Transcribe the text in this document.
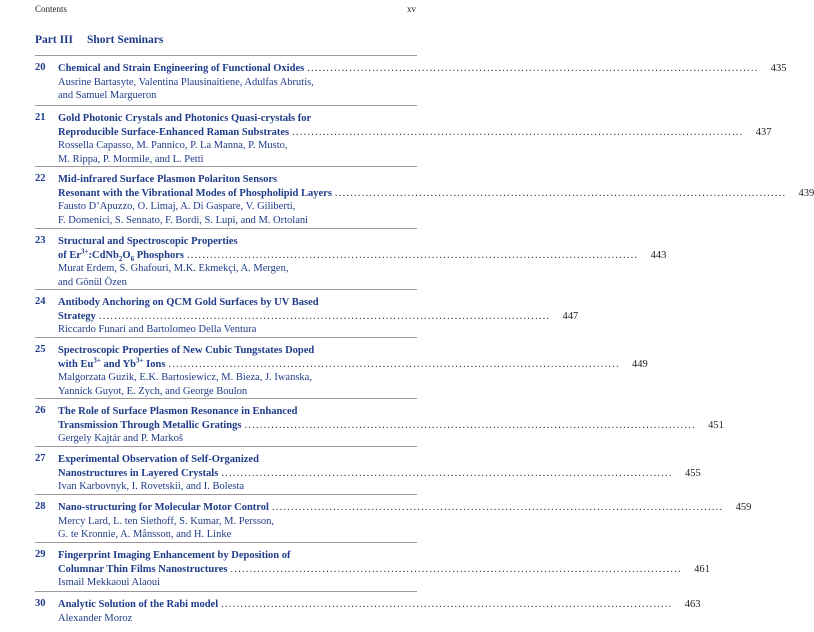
Contents	xv
Part III Short Seminars
20 Chemical and Strain Engineering of Functional Oxides ......................................................................................................................	435
Ausrine Bartasyte, Valentina Plausinaitiene, Adulfas Abrutis,
and Samuel Margueron
21 Gold Photonic Crystals and Photonics Quasi-crystals for
Reproducible Surface-Enhanced Raman Substrates ......................................................................................................................	437
Rossella Capasso, M. Pannico, P. La Manna, P. Musto,
M. Rippa, P. Mormile, and L. Petti
22 Mid-infrared Surface Plasmon Polariton Sensors
Resonant with the Vibrational Modes of Phospholipid Layers ......................................................................................................................	439
Fausto D’Apuzzo, O. Limaj, A. Di Gaspare, V. Giliberti,
F. Domenici, S. Sennato, F. Bordi, S. Lupi, and M. Ortolani
23 Structural and Spectroscopic Properties
of $Er^{3+}:CdNb_2O_6$ Phosphors ......................................................................................................................	443
Murat Erdem, S. Ghafouri, M.K. Ekmekçi, A. Mergen,
and Gönül Özen
24 Antibody Anchoring on QCM Gold Surfaces by UV Based
Strategy ......................................................................................................................	447
Riccardo Funari and Bartolomeo Della Ventura
25 Spectroscopic Properties of New Cubic Tungstates Doped
with $Eu^{3+}$ and $Yb^{3+}$ Ions ......................................................................................................................	449
Malgorzata Guzik, E.K. Bartosiewicz, M. Bieza, J. Iwanska,
Yannick Guyot, E. Zych, and George Boulon
26 The Role of Surface Plasmon Resonance in Enhanced
Transmission Through Metallic Gratings ......................................................................................................................	451
Gergely Kajtár and P. Markoš
27 Experimental Observation of Self-Organized
Nanostructures in Layered Crystals ......................................................................................................................	455
Ivan Karbovnyk, I. Rovetskii, and I. Bolesta
28 Nano-structuring for Molecular Motor Control ......................................................................................................................	459
Mercy Lard, L. ten Siethoff, S. Kumar, M. Persson,
G. te Kronnie, A. Månsson, and H. Linke
29 Fingerprint Imaging Enhancement by Deposition of
Columnar Thin Films Nanostructures ......................................................................................................................	461
Ismail Mekkaoui Alaoui
30 Analytic Solution of the Rabi model ......................................................................................................................	463
Alexander Moroz
